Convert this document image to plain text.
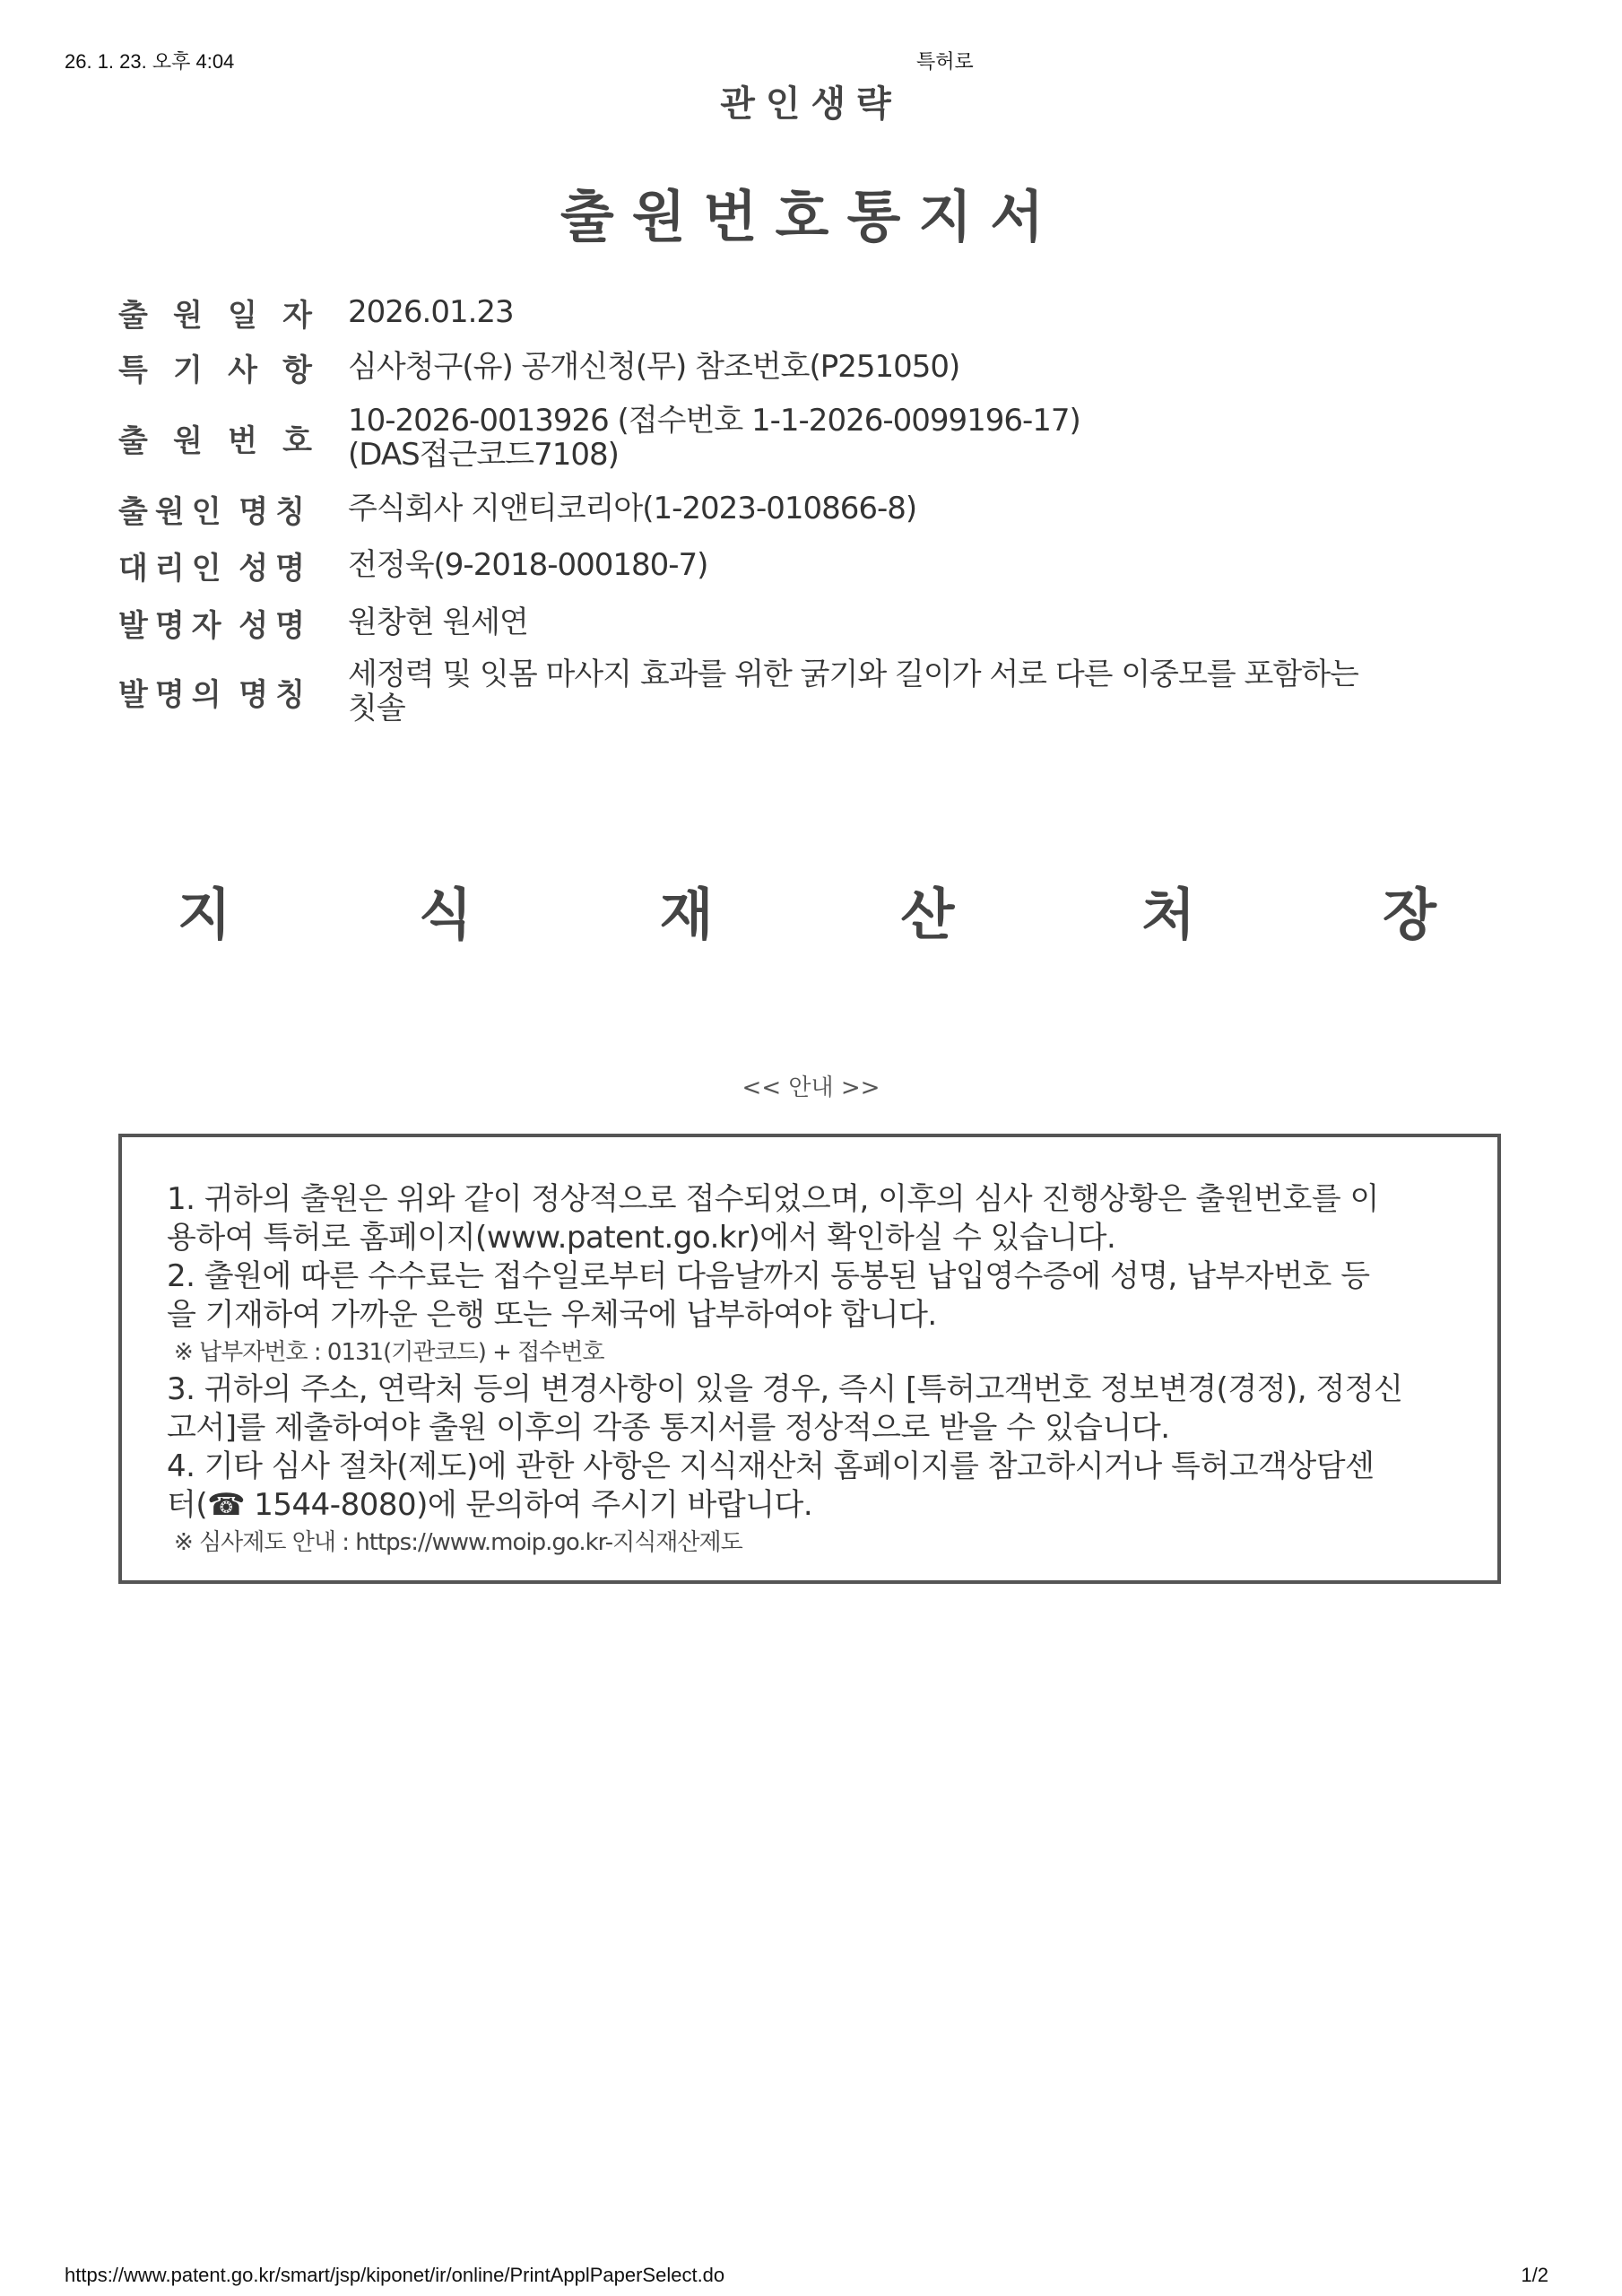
26. 1. 23. 오후 4:04	특허로
관인생략
출원번호통지서
출 원 일 자 2026.01.23
특 기 사 항 심사청구(유) 공개신청(무) 참조번호(P251050)
출 원 번 호
10-2026-0013926 (접수번호 1-1-2026-0099196-17)
(DAS접근코드7108)
출원인 명칭 주식회사 지앤티코리아(1-2023-010866-8)
대리인 성명 전정욱(9-2018-000180-7)
발명자 성명 원창현 원세연
발명의 명칭
세정력 및 잇몸 마사지 효과를 위한 굵기와 길이가 서로 다른 이중모를 포함하는
칫솔
지	식	재	산	처	장
<< 안내 >>
1. 귀하의 출원은 위와 같이 정상적으로 접수되었으며, 이후의 심사 진행상황은 출원번호를 이
용하여 특허로 홈페이지(www.patent.go.kr)에서 확인하실 수 있습니다.
2. 출원에 따른 수수료는 접수일로부터 다음날까지 동봉된 납입영수증에 성명, 납부자번호 등
을 기재하여 가까운 은행 또는 우체국에 납부하여야 합니다.
※ 납부자번호 : 0131(기관코드) + 접수번호
3. 귀하의 주소, 연락처 등의 변경사항이 있을 경우, 즉시 [특허고객번호 정보변경(경정), 정정신
고서]를 제출하여야 출원 이후의 각종 통지서를 정상적으로 받을 수 있습니다.
4. 기타 심사 절차(제도)에 관한 사항은 지식재산처 홈페이지를 참고하시거나 특허고객상담센
터(☎ 1544-8080)에 문의하여 주시기 바랍니다.
※ 심사제도 안내 : https://www.moip.go.kr-지식재산제도
https://www.patent.go.kr/smart/jsp/kiponet/ir/online/PrintApplPaperSelect.do	1/2
